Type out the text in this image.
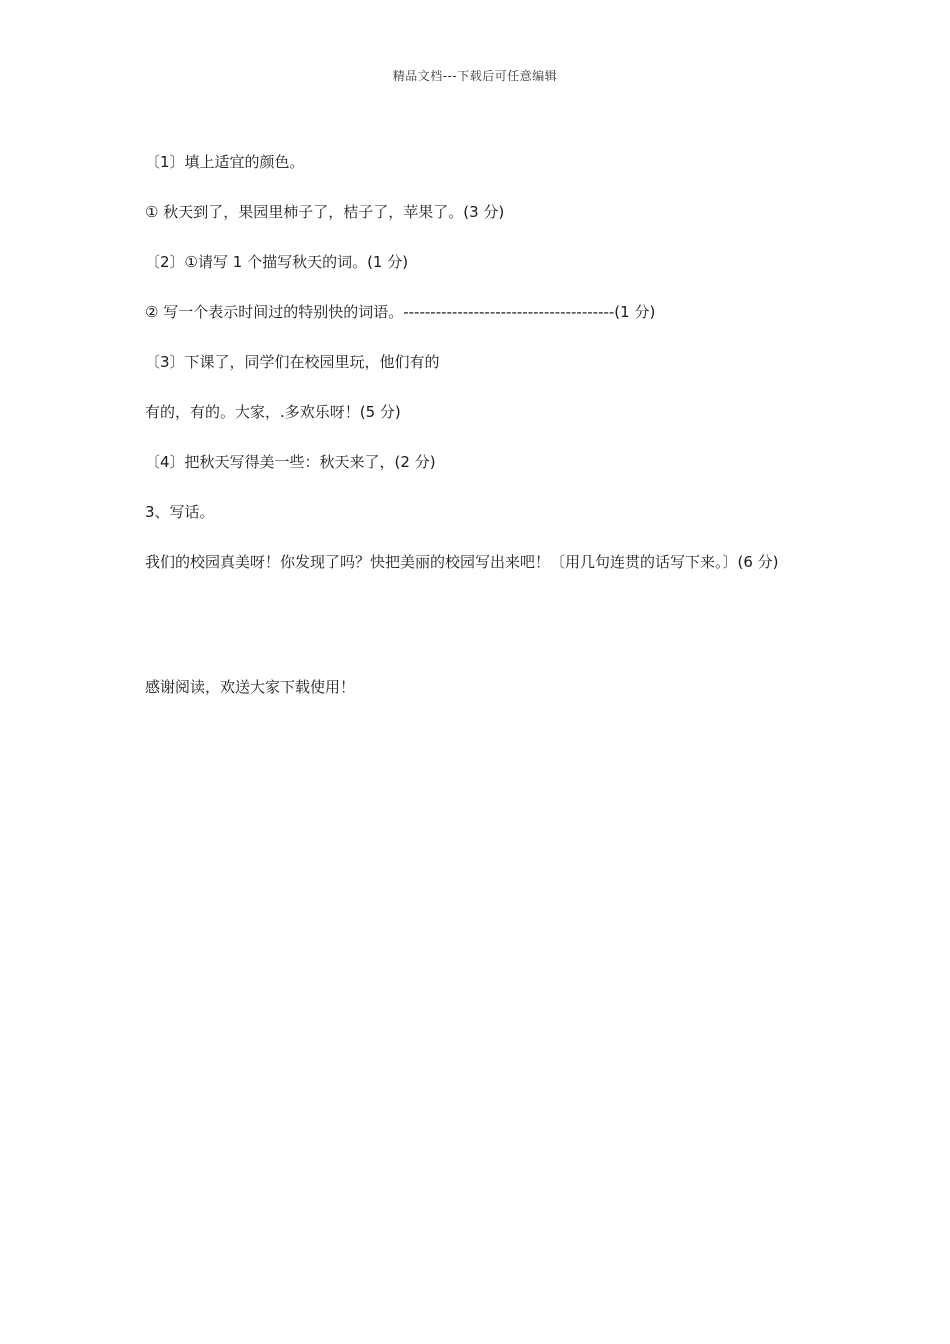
精品文档---下载后可任意编辑
〔1〕填上适宜的颜色。
① 秋天到了，果园里柿子了，桔子了，苹果了。(3 分)
〔2〕①请写 1 个描写秋天的词。(1 分)
② 写一个表示时间过的特别快的词语。---------------------------------------(1 分)
〔3〕下课了，同学们在校园里玩，他们有的
有的，有的。大家，.多欢乐呀！(5 分)
〔4〕把秋天写得美一些：秋天来了，(2 分)
3、写话。
我们的校园真美呀！你发现了吗？快把美丽的校园写出来吧！〔用几句连贯的话写下来。〕(6 分)
感谢阅读，欢送大家下载使用！
